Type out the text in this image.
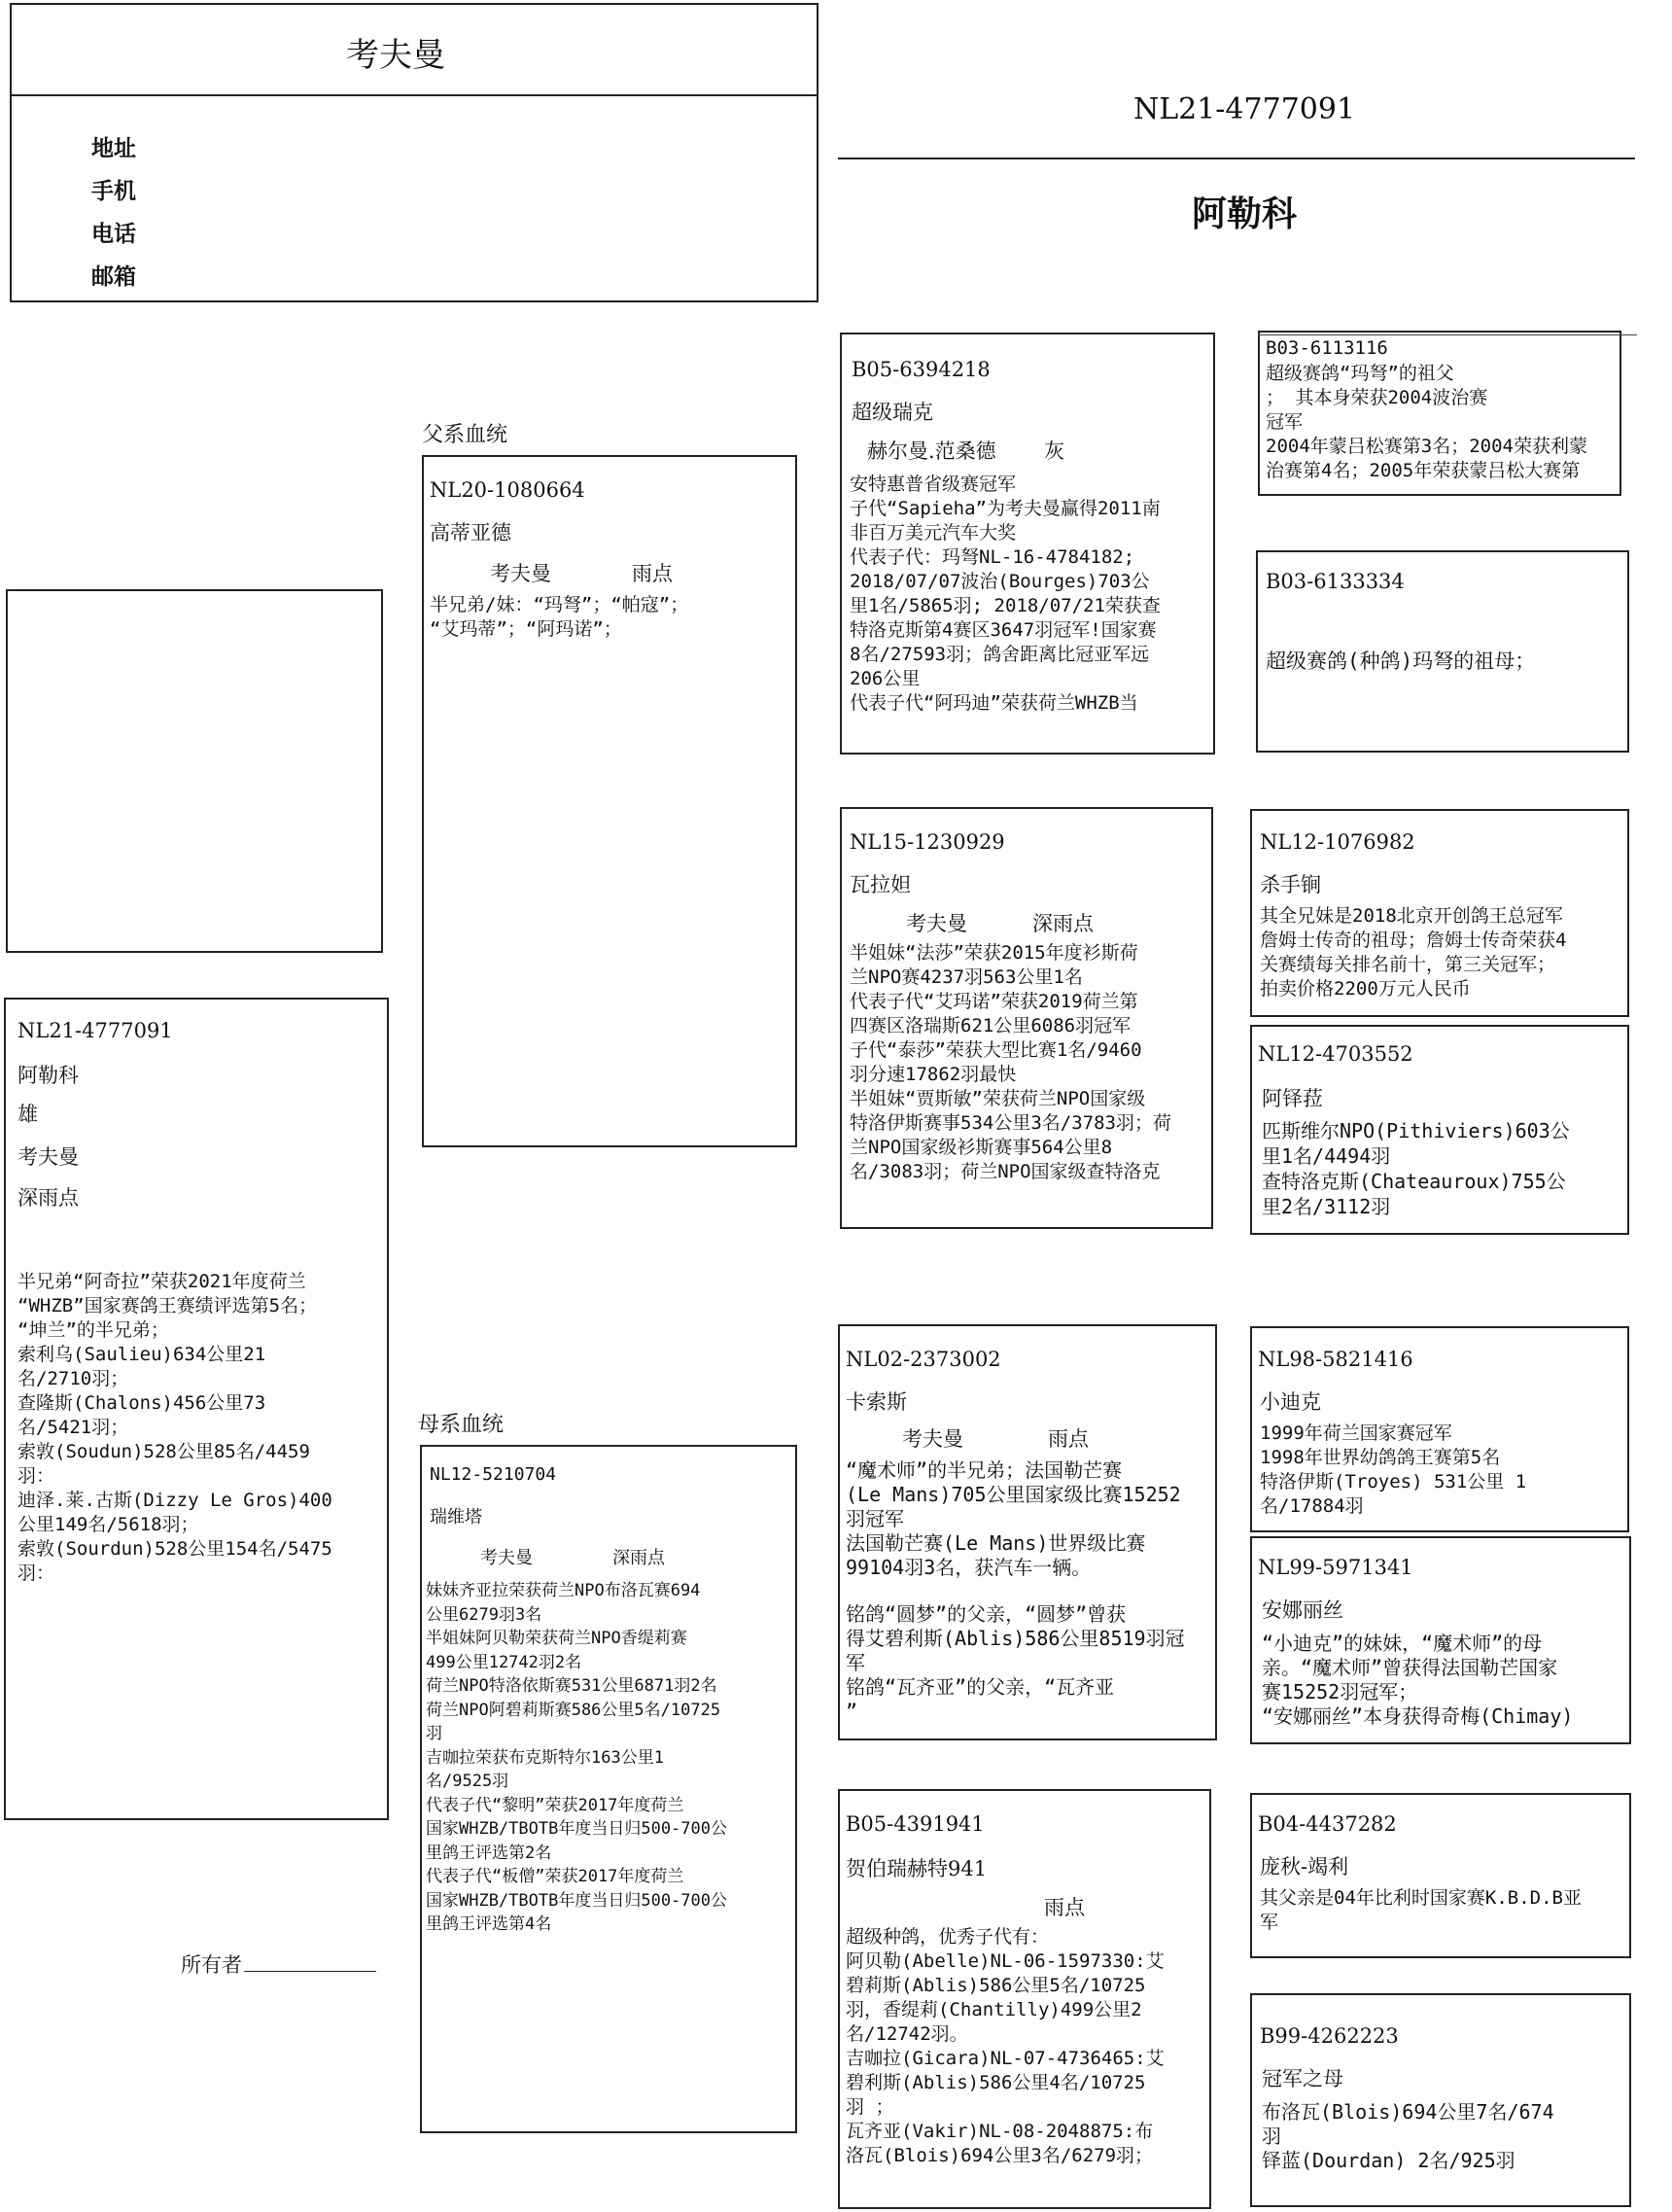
考夫曼
地址
手机
电话
邮箱
NL21-4777091
阿勒科
NL21-4777091
阿勒科
雄
考夫曼
深雨点
半兄弟“阿奇拉”荣获2021年度荷兰
“WHZB”国家赛鸽王赛绩评选第5名；
“坤兰”的半兄弟；
索利乌(Saulieu)634公里21
名/2710羽；
查隆斯(Chalons)456公里73
名/5421羽；
索敦(Soudun)528公里85名/4459
羽：
迪泽.莱.古斯(Dizzy Le Gros)400
公里149名/5618羽；
索敦(Sourdun)528公里154名/5475
羽：

所有者

父系血统
母系血统
NL20-1080664
高蒂亚德
考夫曼	雨点
半兄弟/妹：“玛弩”；“帕寇”；
“艾玛蒂”；“阿玛诺”；
NL12-5210704
瑞维塔
考夫曼	深雨点
妹妹齐亚拉荣获荷兰NPO布洛瓦赛694
公里6279羽3名
半姐妹阿贝勒荣获荷兰NPO香缇莉赛
499公里12742羽2名
荷兰NPO特洛依斯赛531公里6871羽2名
荷兰NPO阿碧莉斯赛586公里5名/10725
羽
吉咖拉荣获布克斯特尔163公里1
名/9525羽
代表子代“黎明”荣获2017年度荷兰
国家WHZB/TBOTB年度当日归500-700公
里鸽王评选第2名
代表子代“板僧”荣获2017年度荷兰
国家WHZB/TBOTB年度当日归500-700公
里鸽王评选第4名
B05-6394218
超级瑞克
赫尔曼.范桑德 灰
安特惠普省级赛冠军
子代“Sapieha”为考夫曼赢得2011南
非百万美元汽车大奖
代表子代：玛弩NL-16-4784182;
2018/07/07波治(Bourges)703公
里1名/5865羽; 2018/07/21荣获查
特洛克斯第4赛区3647羽冠军!国家赛
8名/27593羽；鸽舍距离比冠亚军远
206公里
代表子代“阿玛迪”荣获荷兰WHZB当
NL15-1230929
瓦拉妲
考夫曼	深雨点
半姐妹“法莎”荣获2015年度衫斯荷
兰NPO赛4237羽563公里1名
代表子代“艾玛诺”荣获2019荷兰第
四赛区洛瑞斯621公里6086羽冠军
子代“泰莎”荣获大型比赛1名/9460
羽分速17862羽最快
半姐妹“贾斯敏”荣获荷兰NPO国家级
特洛伊斯赛事534公里3名/3783羽；荷
兰NPO国家级衫斯赛事564公里8
名/3083羽；荷兰NPO国家级查特洛克
NL02-2373002
卡索斯
考夫曼	雨点
“魔术师”的半兄弟；法国勒芒赛
(Le Mans)705公里国家级比赛15252
羽冠军
法国勒芒赛(Le Mans)世界级比赛
99104羽3名，获汽车一辆。
铭鸽“圆梦”的父亲，“圆梦”曾获
得艾碧利斯(Ablis)586公里8519羽冠
军
铭鸽“瓦齐亚”的父亲，“瓦齐亚
”
B05-4391941
贺伯瑞赫特941
雨点
超级种鸽，优秀子代有：
阿贝勒(Abelle)NL-06-1597330:艾
碧莉斯(Ablis)586公里5名/10725
羽，香缇莉(Chantilly)499公里2
名/12742羽。
吉咖拉(Gicara)NL-07-4736465:艾
碧利斯(Ablis)586公里4名/10725
羽 ；
瓦齐亚(Vakir)NL-08-2048875:布
洛瓦(Blois)694公里3名/6279羽；
B03-6113116
超级赛鸽“玛弩”的祖父
； 其本身荣获2004波治赛
冠军
2004年蒙吕松赛第3名；2004荣获利蒙
治赛第4名；2005年荣获蒙吕松大赛第
B03-6133334
超级赛鸽(种鸽)玛弩的祖母；
NL12-1076982
杀手锏
其全兄妹是2018北京开创鸽王总冠军
詹姆士传奇的祖母；詹姆士传奇荣获4
关赛绩每关排名前十，第三关冠军；
拍卖价格2200万元人民币
NL12-4703552
阿铎菈
匹斯维尔NPO(Pithiviers)603公
里1名/4494羽
查特洛克斯(Chateauroux)755公
里2名/3112羽
NL98-5821416
小迪克
1999年荷兰国家赛冠军
1998年世界幼鸽鸽王赛第5名
特洛伊斯(Troyes) 531公里 1
名/17884羽
NL99-5971341
安娜丽丝
“小迪克”的妹妹，“魔术师”的母
亲。“魔术师”曾获得法国勒芒国家
赛15252羽冠军；
“安娜丽丝”本身获得奇梅(Chimay)
B04-4437282
庞秋-竭利
其父亲是04年比利时国家赛K.B.D.B亚
军
B99-4262223
冠军之母
布洛瓦(Blois)694公里7名/674
羽
铎蓝(Dourdan) 2名/925羽
